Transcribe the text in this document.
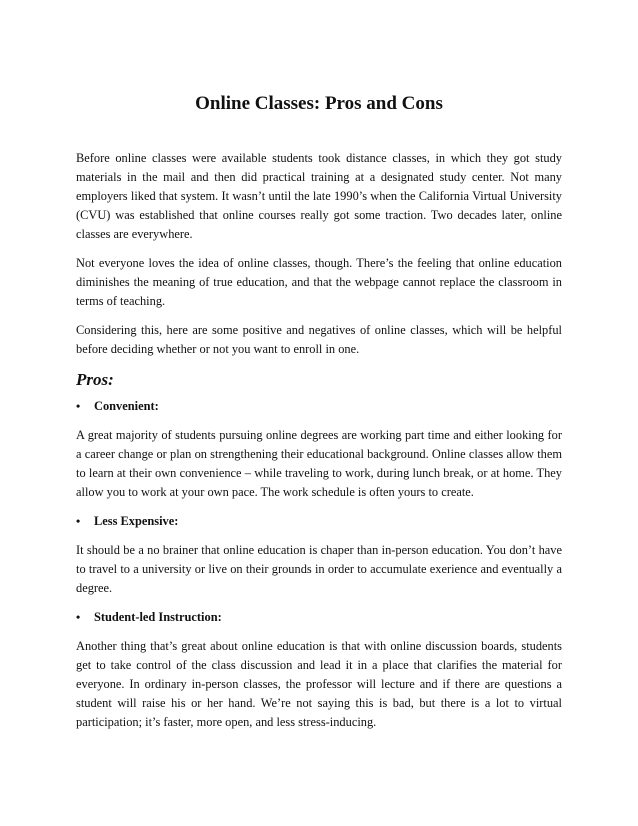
Online Classes: Pros and Cons

Before online classes were available students took distance classes, in which they got study materials in the mail and then did practical training at a designated study center. Not many employers liked that system. It wasn’t until the late 1990’s when the California Virtual University (CVU) was established that online courses really got some traction. Two decades later, online classes are everywhere.

Not everyone loves the idea of online classes, though. There’s the feeling that online education diminishes the meaning of true education, and that the webpage cannot replace the classroom in terms of teaching.

Considering this, here are some positive and negatives of online classes, which will be helpful before deciding whether or not you want to enroll in one.

Pros:
•	Convenient:

A great majority of students pursuing online degrees are working part time and either looking for a career change or plan on strengthening their educational background. Online classes allow them to learn at their own convenience – while traveling to work, during lunch break, or at home. They allow you to work at your own pace. The work schedule is often yours to create.

•	Less Expensive:

It should be a no brainer that online education is chaper than in-person education. You don’t have to travel to a university or live on their grounds in order to accumulate exerience and eventually a degree.

•	Student-led Instruction:

Another thing that’s great about online education is that with online discussion boards, students get to take control of the class discussion and lead it in a place that clarifies the material for everyone. In ordinary in-person classes, the professor will lecture and if there are questions a student will raise his or her hand. We’re not saying this is bad, but there is a lot to virtual participation; it’s faster, more open, and less stress-inducing.
